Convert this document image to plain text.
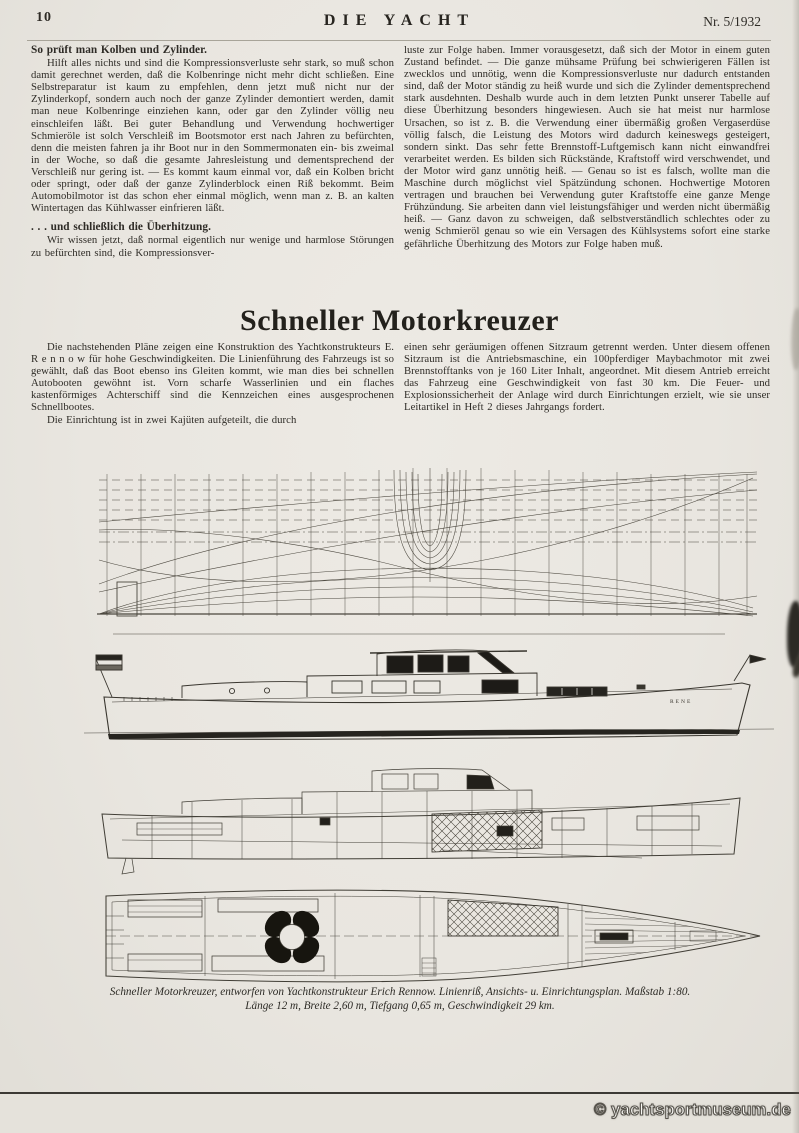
10	DIE YACHT	Nr. 5/1932
So prüft man Kolben und Zylinder.

Hilft alles nichts und sind die Kompressionsverluste sehr stark, so muß schon damit gerechnet werden, daß die Kolbenringe nicht mehr dicht schließen. Eine Selbstreparatur ist kaum zu empfehlen, denn jetzt muß nicht nur der Zylinderkopf, sondern auch noch der ganze Zylinder demontiert werden, damit man neue Kolbenringe einziehen kann, oder gar den Zylinder völlig neu einschleifen läßt. Bei guter Behandlung und Verwendung hochwertiger Schmieröle ist solch Verschleiß im Bootsmotor erst nach Jahren zu befürchten, denn die meisten fahren ja ihr Boot nur in den Sommermonaten ein- bis zweimal in der Woche, so daß die gesamte Jahresleistung und dementsprechend der Verschleiß nur gering ist. — Es kommt kaum einmal vor, daß ein Kolben bricht oder springt, oder daß der ganze Zylinderblock einen Riß bekommt. Beim Automobilmotor ist das schon eher einmal möglich, wenn man z. B. an kalten Wintertagen das Kühlwasser einfrieren läßt.

. . . und schließlich die Überhitzung.

Wir wissen jetzt, daß normal eigentlich nur wenige und harmlose Störungen zu befürchten sind, die Kompressionsver-

luste zur Folge haben. Immer vorausgesetzt, daß sich der Motor in einem guten Zustand befindet. — Die ganze mühsame Prüfung bei schwierigeren Fällen ist zwecklos und unnötig, wenn die Kompressionsverluste nur dadurch entstanden sind, daß der Motor ständig zu heiß wurde und sich die Zylinder dementsprechend stark ausdehnten. Deshalb wurde auch in dem letzten Punkt unserer Tabelle auf diese Überhitzung besonders hingewiesen. Auch sie hat meist nur harmlose Ursachen, so ist z. B. die Verwendung einer übermäßig großen Vergaserdüse völlig falsch, die Leistung des Motors wird dadurch keineswegs gesteigert, sondern sinkt. Das sehr fette Brennstoff-Luftgemisch kann nicht einwandfrei verarbeitet werden. Es bilden sich Rückstände, Kraftstoff wird verschwendet, und der Motor wird ganz unnötig heiß. — Genau so ist es falsch, wollte man die Maschine durch möglichst viel Spätzündung schonen. Hochwertige Motoren vertragen und brauchen bei Verwendung guter Kraftstoffe eine ganze Menge Frühzündung. Sie arbeiten dann viel leistungsfähiger und werden nicht übermäßig heiß. — Ganz davon zu schweigen, daß selbstverständlich schlechtes oder zu wenig Schmieröl genau so wie ein Versagen des Kühlsystems sofort eine starke gefährliche Überhitzung des Motors zur Folge haben muß.

Schneller Motorkreuzer

Die nachstehenden Pläne zeigen eine Konstruktion des Yachtkonstrukteurs E. R e n n o w für hohe Geschwindigkeiten. Die Linienführung des Fahrzeugs ist so gewählt, daß das Boot ebenso ins Gleiten kommt, wie man dies bei schnellen Autobooten gewöhnt ist. Vorn scharfe Wasserlinien und ein flaches kastenförmiges Achterschiff sind die Kennzeichen eines ausgesprochenen Schnellbootes.

Die Einrichtung ist in zwei Kajüten aufgeteilt, die durch

einen sehr geräumigen offenen Sitzraum getrennt werden. Unter diesem offenen Sitzraum ist die Antriebsmaschine, ein 100pferdiger Maybachmotor mit zwei Brennstofftanks von je 160 Liter Inhalt, angeordnet. Mit diesem Antrieb erreicht das Fahrzeug eine Geschwindigkeit von fast 30 km. Die Feuer- und Explosionssicherheit der Anlage wird durch Einrichtungen erzielt, wie sie unser Leitartikel in Heft 2 dieses Jahrgangs fordert.

RENE
Schneller Motorkreuzer, entworfen von Yachtkonstrukteur Erich Rennow. Linienriß, Ansichts- u. Einrichtungsplan. Maßstab 1:80.
Länge 12 m, Breite 2,60 m, Tiefgang 0,65 m, Geschwindigkeit 29 km.
© yachtsportmuseum.de
